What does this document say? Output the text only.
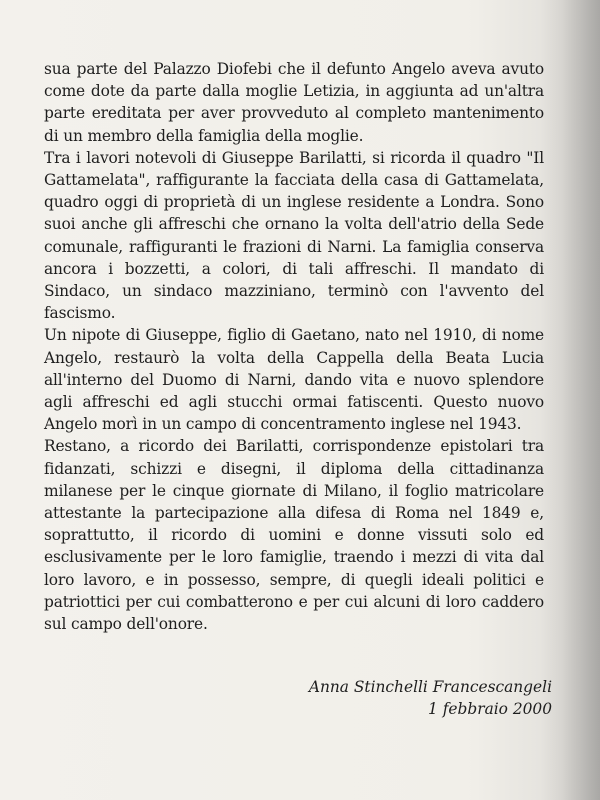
sua parte del Palazzo Diofebi che il defunto Angelo aveva avuto come dote da parte dalla moglie Letizia, in aggiunta ad un'altra parte ereditata per aver provveduto al completo mantenimento di un membro della famiglia della moglie.

Tra i lavori notevoli di Giuseppe Barilatti, si ricorda il quadro "Il Gattamelata", raffigurante la facciata della casa di Gattamelata, quadro oggi di proprietà di un inglese residente a Londra. Sono suoi anche gli affreschi che ornano la volta dell'atrio della Sede comunale, raffiguranti le frazioni di Narni. La famiglia conserva ancora i bozzetti, a colori, di tali affreschi. Il mandato di Sindaco, un sindaco mazziniano, terminò con l'avvento del fascismo.

Un nipote di Giuseppe, figlio di Gaetano, nato nel 1910, di nome Angelo, restaurò la volta della Cappella della Beata Lucia all'interno del Duomo di Narni, dando vita e nuovo splendore agli affreschi ed agli stucchi ormai fatiscenti. Questo nuovo Angelo morì in un campo di concentramento inglese nel 1943.

Restano, a ricordo dei Barilatti, corrispondenze epistolari tra fidanzati, schizzi e disegni, il diploma della cittadinanza milanese per le cinque giornate di Milano, il foglio matricolare attestante la partecipazione alla difesa di Roma nel 1849 e, soprattutto, il ricordo di uomini e donne vissuti solo ed esclusivamente per le loro famiglie, traendo i mezzi di vita dal loro lavoro, e in possesso, sempre, di quegli ideali politici e patriottici per cui combatterono e per cui alcuni di loro caddero sul campo dell'onore.

Anna Stinchelli Francescangeli
1 febbraio 2000
